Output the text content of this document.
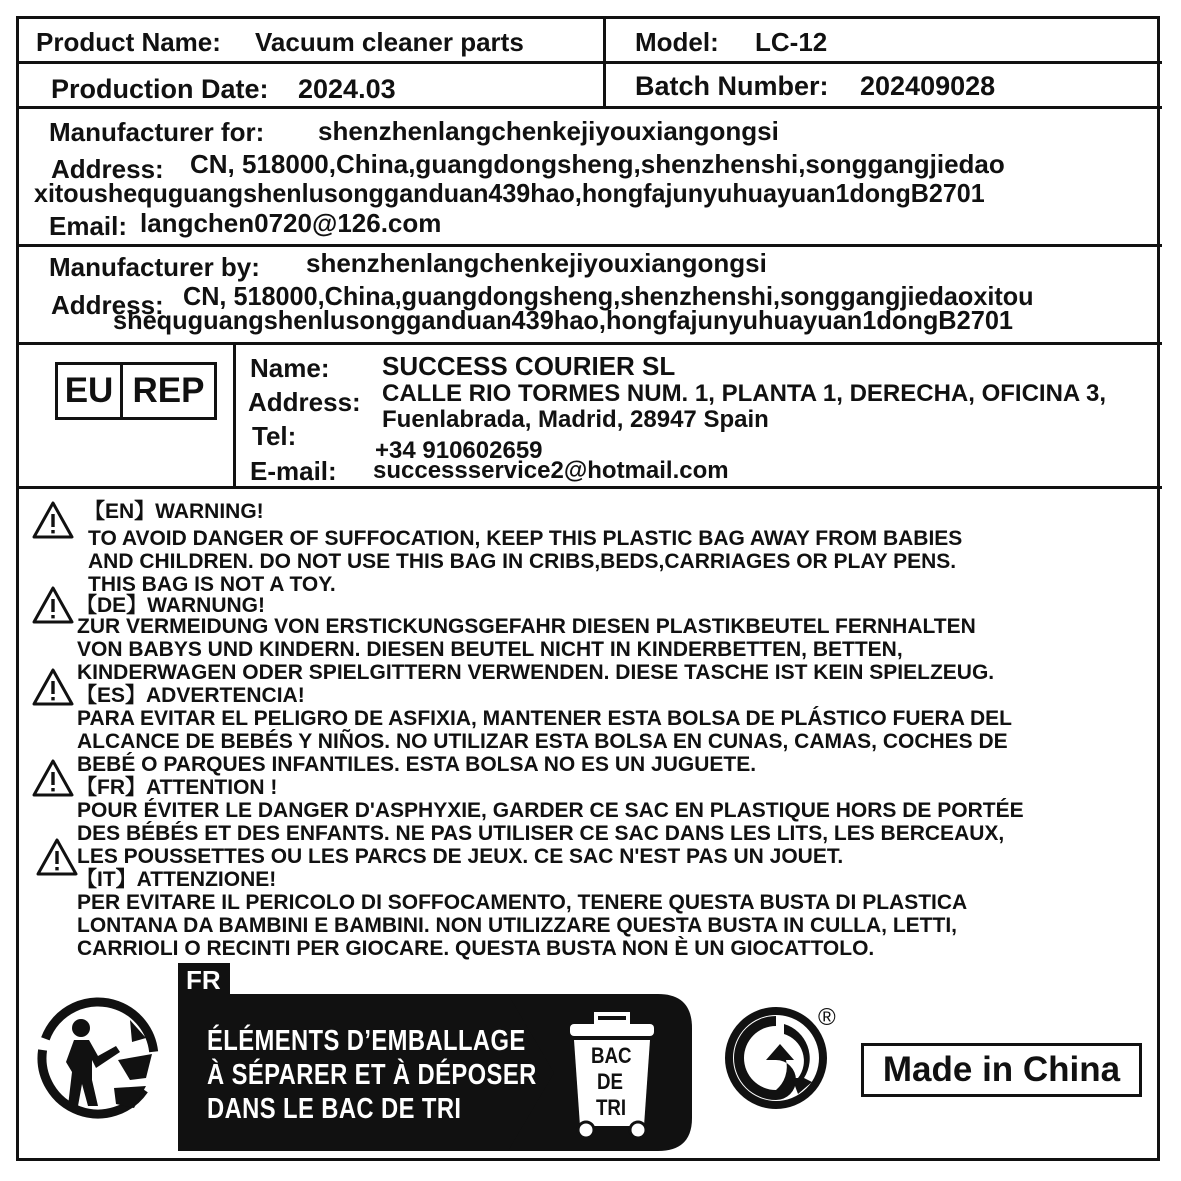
Product Name: Vacuum cleaner parts	Model: LC-12
Production Date: 2024.03	Batch Number: 202409028
Manufacturer for: shenzhenlangchenkejiyouxiangongsi
Address: CN, 518000,China,guangdongsheng,shenzhenshi,songgangjiedao
xitoushequguangshenlusongganduan439hao,hongfajunyuhuayuan1dongB2701
Email: langchen0720@126.com
Manufacturer by: shenzhenlangchenkejiyouxiangongsi
Address: CN, 518000,China,guangdongsheng,shenzhenshi,songgangjiedaoxitou
shequguangshenlusongganduan439hao,hongfajunyuhuayuan1dongB2701
EU REP
Name: SUCCESS COURIER SL
Address: CALLE RIO TORMES NUM. 1, PLANTA 1, DERECHA, OFICINA 3,
Fuenlabrada, Madrid, 28947 Spain
Tel:	+34 910602659
E-mail: successservice2@hotmail.com
【EN】WARNING!
TO AVOID DANGER OF SUFFOCATION, KEEP THIS PLASTIC BAG AWAY FROM BABIES
AND CHILDREN. DO NOT USE THIS BAG IN CRIBS,BEDS,CARRIAGES OR PLAY PENS.
THIS BAG IS NOT A TOY.
【DE】WARNUNG!
ZUR VERMEIDUNG VON ERSTICKUNGSGEFAHR DIESEN PLASTIKBEUTEL FERNHALTEN
VON BABYS UND KINDERN. DIESEN BEUTEL NICHT IN KINDERBETTEN, BETTEN,
KINDERWAGEN ODER SPIELGITTERN VERWENDEN. DIESE TASCHE IST KEIN SPIELZEUG.
【ES】ADVERTENCIA!
PARA EVITAR EL PELIGRO DE ASFIXIA, MANTENER ESTA BOLSA DE PLÁSTICO FUERA DEL
ALCANCE DE BEBÉS Y NIÑOS. NO UTILIZAR ESTA BOLSA EN CUNAS, CAMAS, COCHES DE
BEBÉ O PARQUES INFANTILES. ESTA BOLSA NO ES UN JUGUETE.
【FR】ATTENTION !
POUR ÉVITER LE DANGER D'ASPHYXIE, GARDER CE SAC EN PLASTIQUE HORS DE PORTÉE
DES BÉBÉS ET DES ENFANTS. NE PAS UTILISER CE SAC DANS LES LITS, LES BERCEAUX,
LES POUSSETTES OU LES PARCS DE JEUX. CE SAC N'EST PAS UN JOUET.
【IT】ATTENZIONE!
PER EVITARE IL PERICOLO DI SOFFOCAMENTO, TENERE QUESTA BUSTA DI PLASTICA
LONTANA DA BAMBINI E BAMBINI. NON UTILIZZARE QUESTA BUSTA IN CULLA, LETTI,
CARRIOLI O RECINTI PER GIOCARE. QUESTA BUSTA NON È UN GIOCATTOLO.
FR
ÉLÉMENTS D’EMBALLAGE
À SÉPARER ET À DÉPOSER
DANS LE BAC DE TRI
BAC
DE
TRI
®
Made in China
